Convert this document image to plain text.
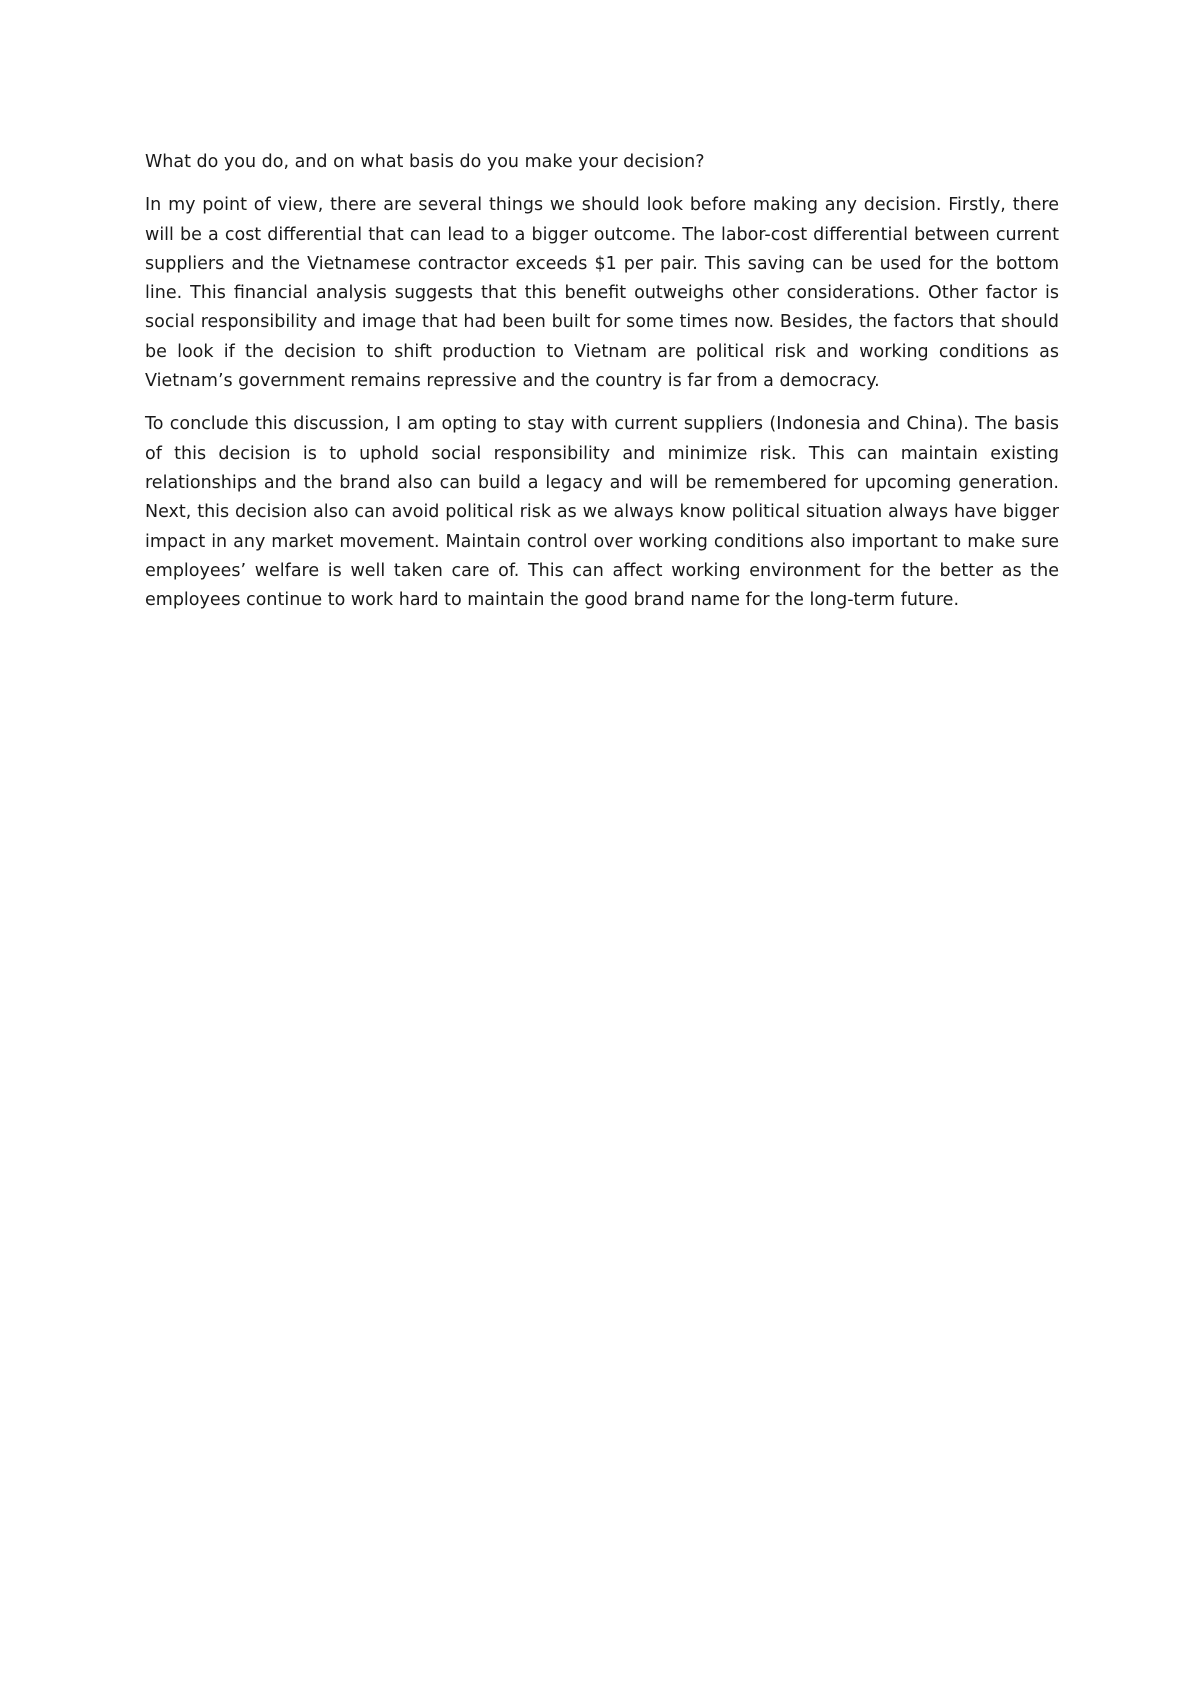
What do you do, and on what basis do you make your decision?

In my point of view, there are several things we should look before making any decision. Firstly, there will be a cost differential that can lead to a bigger outcome. The labor-cost differential between current suppliers and the Vietnamese contractor exceeds $1 per pair. This saving can be used for the bottom line. This financial analysis suggests that this benefit outweighs other considerations. Other factor is social responsibility and image that had been built for some times now. Besides, the factors that should be look if the decision to shift production to Vietnam are political risk and working conditions as Vietnam’s government remains repressive and the country is far from a democracy.

To conclude this discussion, I am opting to stay with current suppliers (Indonesia and China). The basis of this decision is to uphold social responsibility and minimize risk. This can maintain existing relationships and the brand also can build a legacy and will be remembered for upcoming generation. Next, this decision also can avoid political risk as we always know political situation always have bigger impact in any market movement. Maintain control over working conditions also important to make sure employees’ welfare is well taken care of. This can affect working environment for the better as the employees continue to work hard to maintain the good brand name for the long-term future.
